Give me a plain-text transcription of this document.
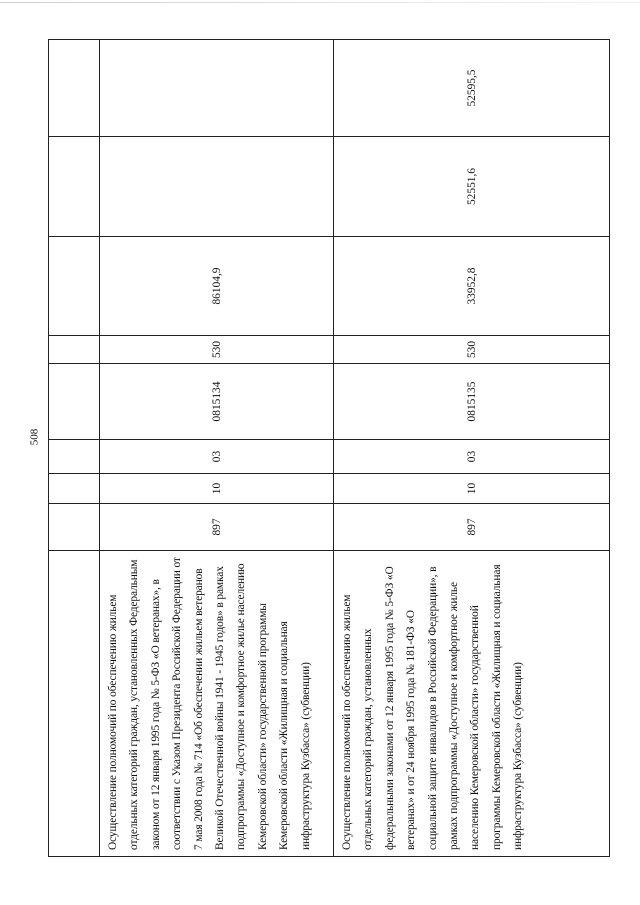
508

Осуществление полномочий по обеспечению жильем отдельных категорий граждан, установленных Федеральным законом от 12 января 1995 года № 5-ФЗ «О ветеранах», в соответствии с Указом Президента Российской Федерации от 7 мая 2008 года № 714 «Об обеспечении жильем ветеранов Великой Отечественной войны 1941 - 1945 годов» в рамках подпрограммы «Доступное и комфортное жилье населению Кемеровской области» государственной программы Кемеровской области «Жилищная и социальная инфраструктура Кузбасса» (субвенции)	897	10	03	0815134	530	86104,9		
Осуществление полномочий по обеспечению жильем отдельных категорий граждан, установленных федеральными законами от 12 января 1995 года № 5-ФЗ «О ветеранах» и от 24 ноября 1995 года № 181-ФЗ «О социальной защите инвалидов в Российской Федерации», в рамках подпрограммы «Доступное и комфортное жилье населению Кемеровской области» государственной программы Кемеровской области «Жилищная и социальная инфраструктура Кузбасса» (субвенции)	897	10	03	0815135	530	33952,8	52551,6	52595,5
